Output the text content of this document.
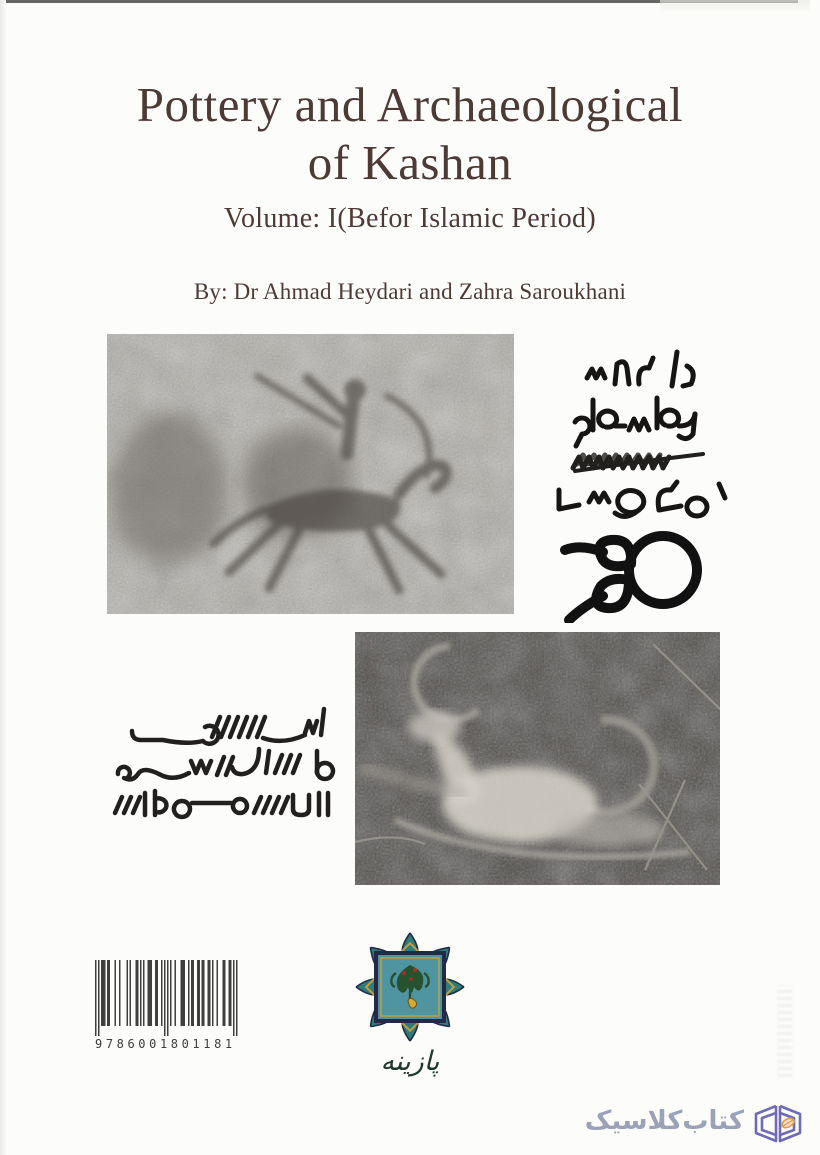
Pottery and Archaeological
of Kashan
Volume: I(Befor Islamic Period)
By: Dr Ahmad Heydari and Zahra Saroukhani
9786001801181
پازینه
کتاب‌کلاسیک
